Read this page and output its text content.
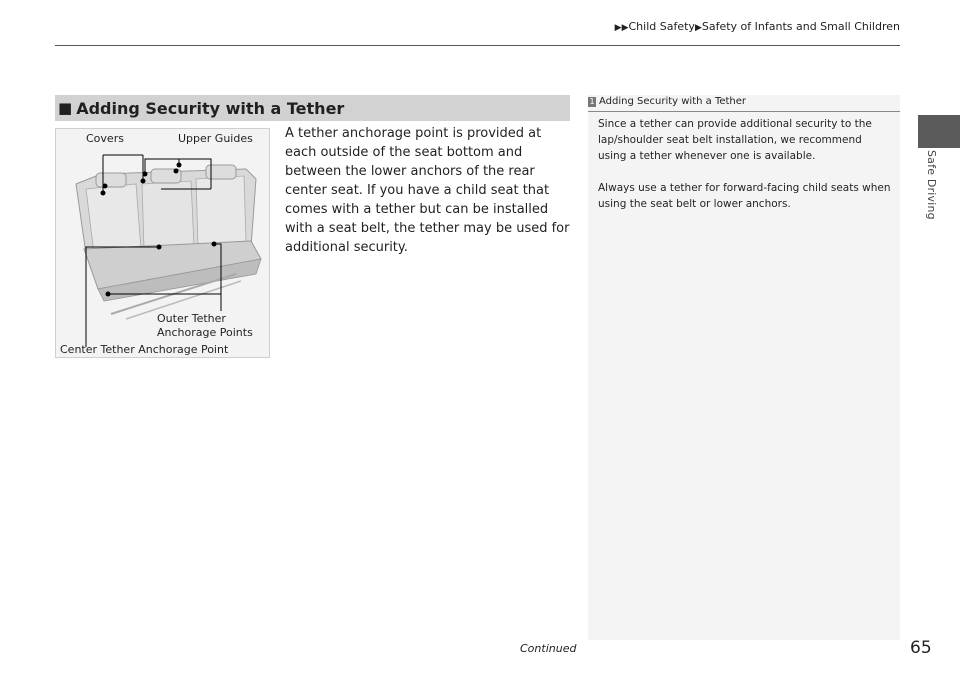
▶▶Child Safety▶Safety of Infants and Small Children
Safe Driving
■ Adding Security with a Tether
Covers	Upper Guides
Outer Tether
Anchorage Points
Center Tether Anchorage Point
A tether anchorage point is provided at each outside of the seat bottom and between the lower anchors of the rear center seat. If you have a child seat that comes with a tether but can be installed with a seat belt, the tether may be used for additional security.
1 Adding Security with a Tether
Since a tether can provide additional security to the lap/shoulder seat belt installation, we recommend using a tether whenever one is available.
Always use a tether for forward-facing child seats when using the seat belt or lower anchors.
Continued	65
